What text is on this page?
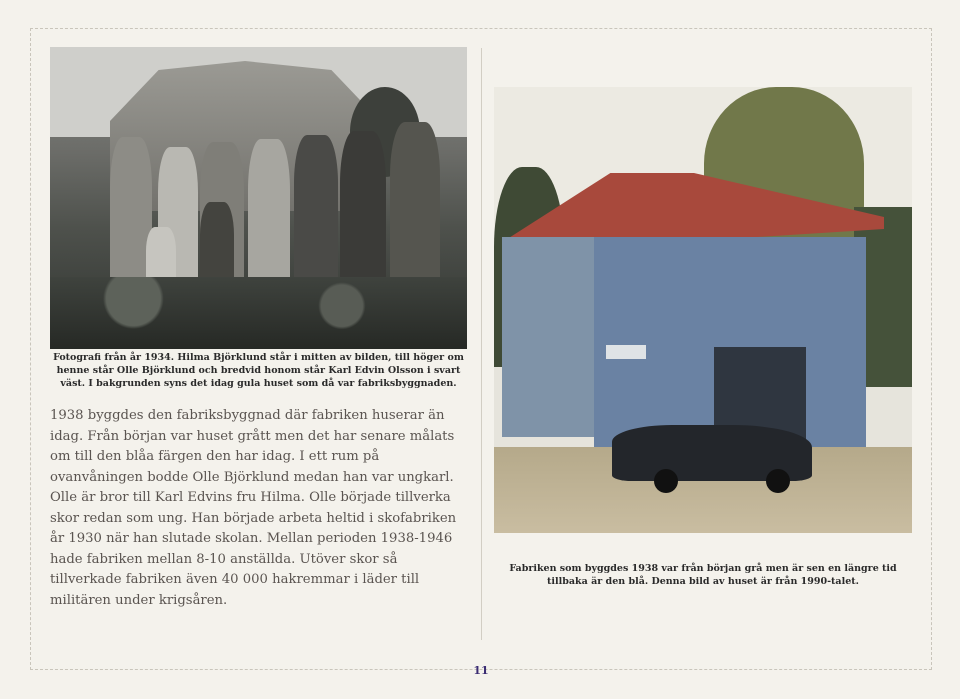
Fotografi från år 1934. Hilma Björklund står i mitten av bilden, till höger om henne står Olle Björklund och bredvid honom står Karl Edvin Olsson i svart väst. I bakgrunden syns det idag gula huset som då var fabriksbyggnaden.
1938 byggdes den fabriksbyggnad där fabriken huserar än idag. Från början var huset grått men det har senare målats om till den blåa färgen den har idag. I ett rum på ovanvåningen bodde Olle Björklund medan han var ungkarl. Olle är bror till Karl Edvins fru Hilma. Olle började tillverka skor redan som ung. Han började arbeta heltid i skofabriken år 1930 när han slutade skolan. Mellan perioden 1938-1946 hade fabriken mellan 8-10 anställda. Utöver skor så tillverkade fabriken även 40 000 hakremmar i läder till militären under krigsåren.
Fabriken som byggdes 1938 var från början grå men är sen en längre tid tillbaka är den blå. Denna bild av huset är från 1990-talet.
11
